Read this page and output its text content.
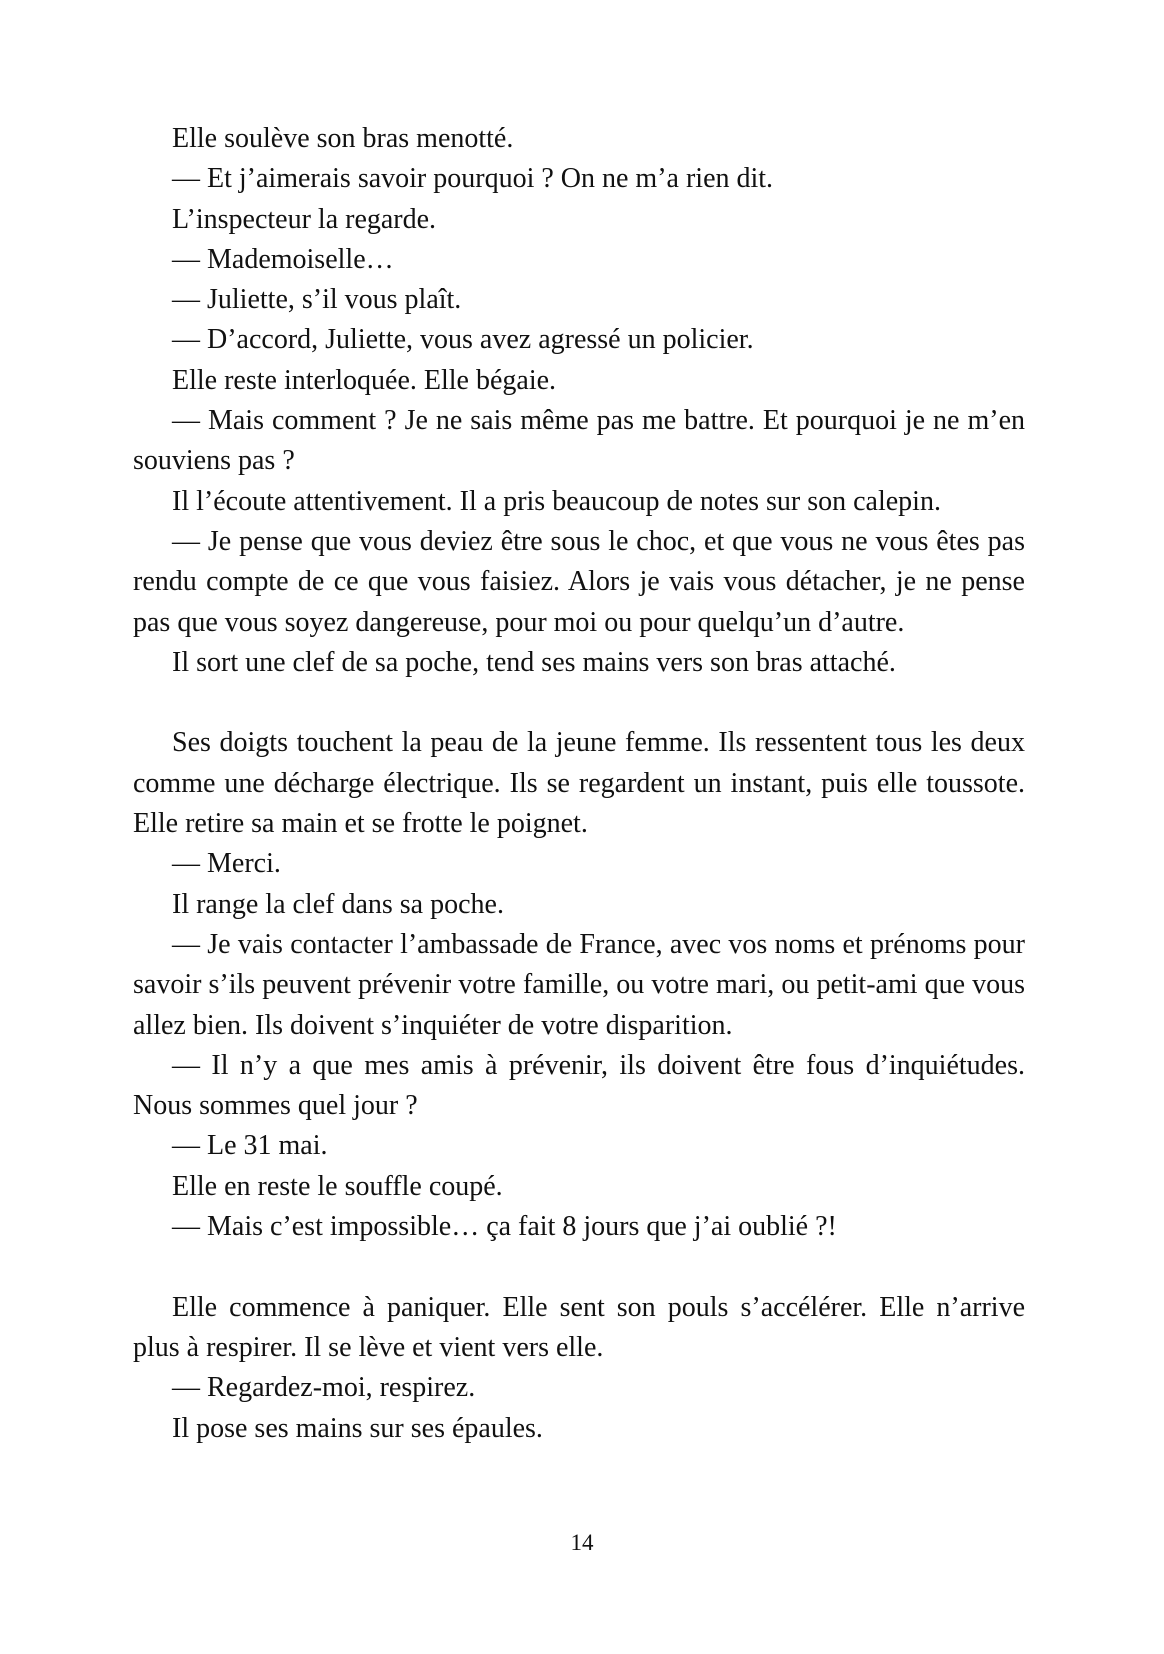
Elle soulève son bras menotté.

— Et j’aimerais savoir pourquoi ? On ne m’a rien dit.

L’inspecteur la regarde.

— Mademoiselle…

— Juliette, s’il vous plaît.

— D’accord, Juliette, vous avez agressé un policier.

Elle reste interloquée. Elle bégaie.

— Mais comment ? Je ne sais même pas me battre. Et pourquoi je ne m’en souviens pas ?

Il l’écoute attentivement. Il a pris beaucoup de notes sur son calepin.

— Je pense que vous deviez être sous le choc, et que vous ne vous êtes pas rendu compte de ce que vous faisiez. Alors je vais vous détacher, je ne pense pas que vous soyez dangereuse, pour moi ou pour quelqu’un d’autre.

Il sort une clef de sa poche, tend ses mains vers son bras attaché.

Ses doigts touchent la peau de la jeune femme. Ils ressentent tous les deux comme une décharge électrique. Ils se regardent un instant, puis elle toussote. Elle retire sa main et se frotte le poignet.

— Merci.

Il range la clef dans sa poche.

— Je vais contacter l’ambassade de France, avec vos noms et prénoms pour savoir s’ils peuvent prévenir votre famille, ou votre mari, ou petit-ami que vous allez bien. Ils doivent s’inquiéter de votre disparition.

— Il n’y a que mes amis à prévenir, ils doivent être fous d’inquiétudes. Nous sommes quel jour ?

— Le 31 mai.

Elle en reste le souffle coupé.

— Mais c’est impossible… ça fait 8 jours que j’ai oublié ?!

Elle commence à paniquer. Elle sent son pouls s’accélérer. Elle n’arrive plus à respirer. Il se lève et vient vers elle.

— Regardez-moi, respirez.

Il pose ses mains sur ses épaules.

14
